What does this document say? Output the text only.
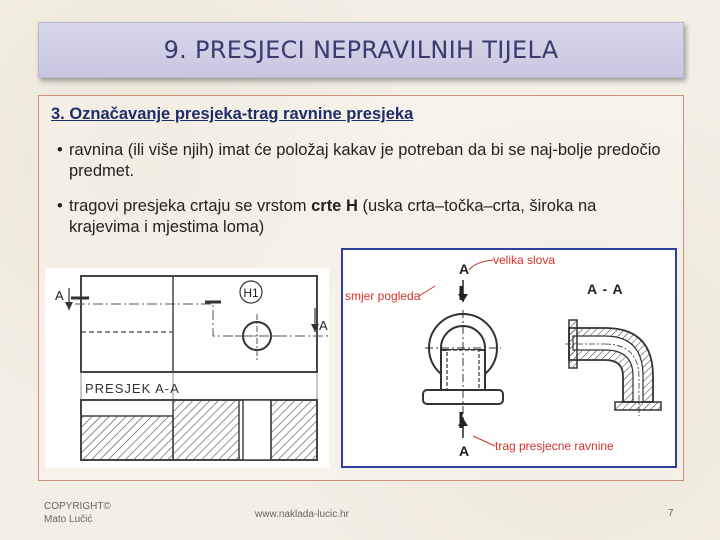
9. PRESJECI NEPRAVILNIH TIJELA
3. Označavanje presjeka-trag ravnine presjeka
• ravnina (ili više njih) imat će položaj kakav je potreban da bi se naj-bolje predočio predmet.
• tragovi presjeka crtaju se vrstom crte H (uska crta–točka–crta, široka na krajevima i mjestima loma)
H1
A
A
PRESJEK A-A
A
velika slova
smjer pogleda
trag presjecne ravnine
A
A - A
COPYRIGHT©
Mato Lučić	www.naklada-lucic.hr	7
